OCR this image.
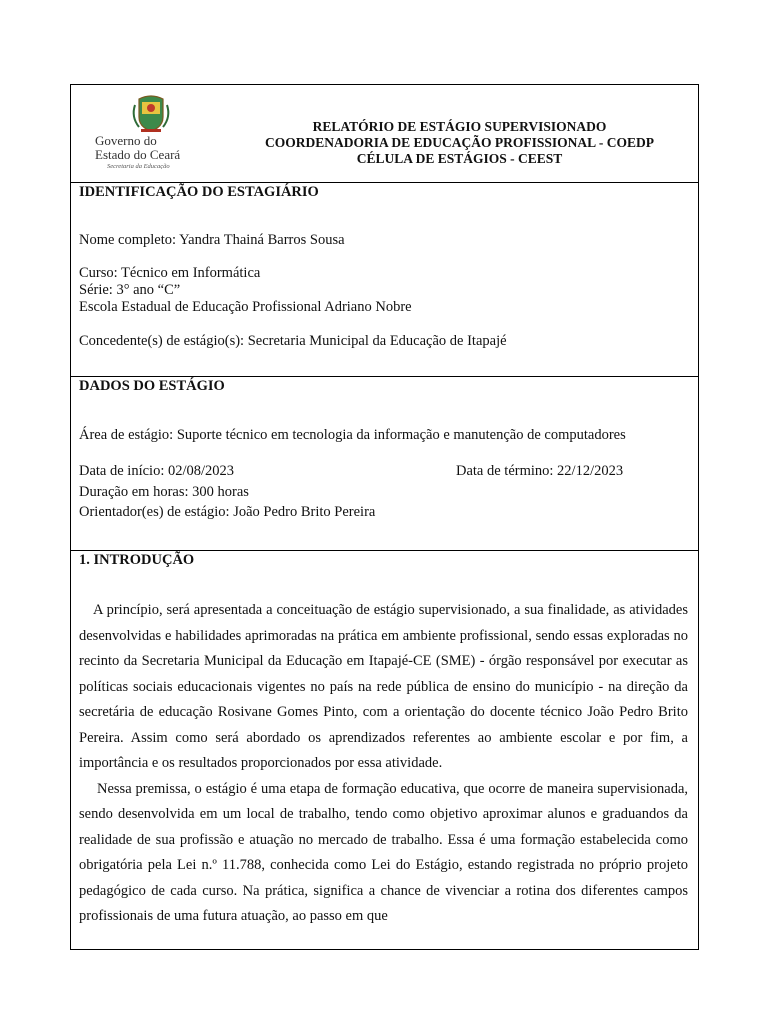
Governo do
Estado do Ceará
Secretaria da Educação
RELATÓRIO DE ESTÁGIO SUPERVISIONADO
COORDENADORIA DE EDUCAÇÃO PROFISSIONAL - COEDP
CÉLULA DE ESTÁGIOS - CEEST
IDENTIFICAÇÃO DO ESTAGIÁRIO
Nome completo: Yandra Thainá Barros Sousa
Curso: Técnico em Informática
Série: 3° ano “C”
Escola Estadual de Educação Profissional Adriano Nobre
Concedente(s) de estágio(s): Secretaria Municipal da Educação de Itapajé
DADOS DO ESTÁGIO
Área de estágio: Suporte técnico em tecnologia da informação e manutenção de computadores
Data de início: 02/08/2023	Data de término: 22/12/2023
Duração em horas: 300 horas
Orientador(es) de estágio: João Pedro Brito Pereira
1. INTRODUÇÃO

A princípio, será apresentada a conceituação de estágio supervisionado, a sua finalidade, as atividades desenvolvidas e habilidades aprimoradas na prática em ambiente profissional, sendo essas exploradas no recinto da Secretaria Municipal da Educação em Itapajé-CE (SME) - órgão responsável por executar as políticas sociais educacionais vigentes no país na rede pública de ensino do município - na direção da secretária de educação Rosivane Gomes Pinto, com a orientação do docente técnico João Pedro Brito Pereira. Assim como será abordado os aprendizados referentes ao ambiente escolar e por fim, a importância e os resultados proporcionados por essa atividade.

Nessa premissa, o estágio é uma etapa de formação educativa, que ocorre de maneira supervisionada, sendo desenvolvida em um local de trabalho, tendo como objetivo aproximar alunos e graduandos da realidade de sua profissão e atuação no mercado de trabalho. Essa é uma formação estabelecida como obrigatória pela Lei n.º 11.788, conhecida como Lei do Estágio, estando registrada no próprio projeto pedagógico de cada curso. Na prática, significa a chance de vivenciar a rotina dos diferentes campos profissionais de uma futura atuação, ao passo em que
